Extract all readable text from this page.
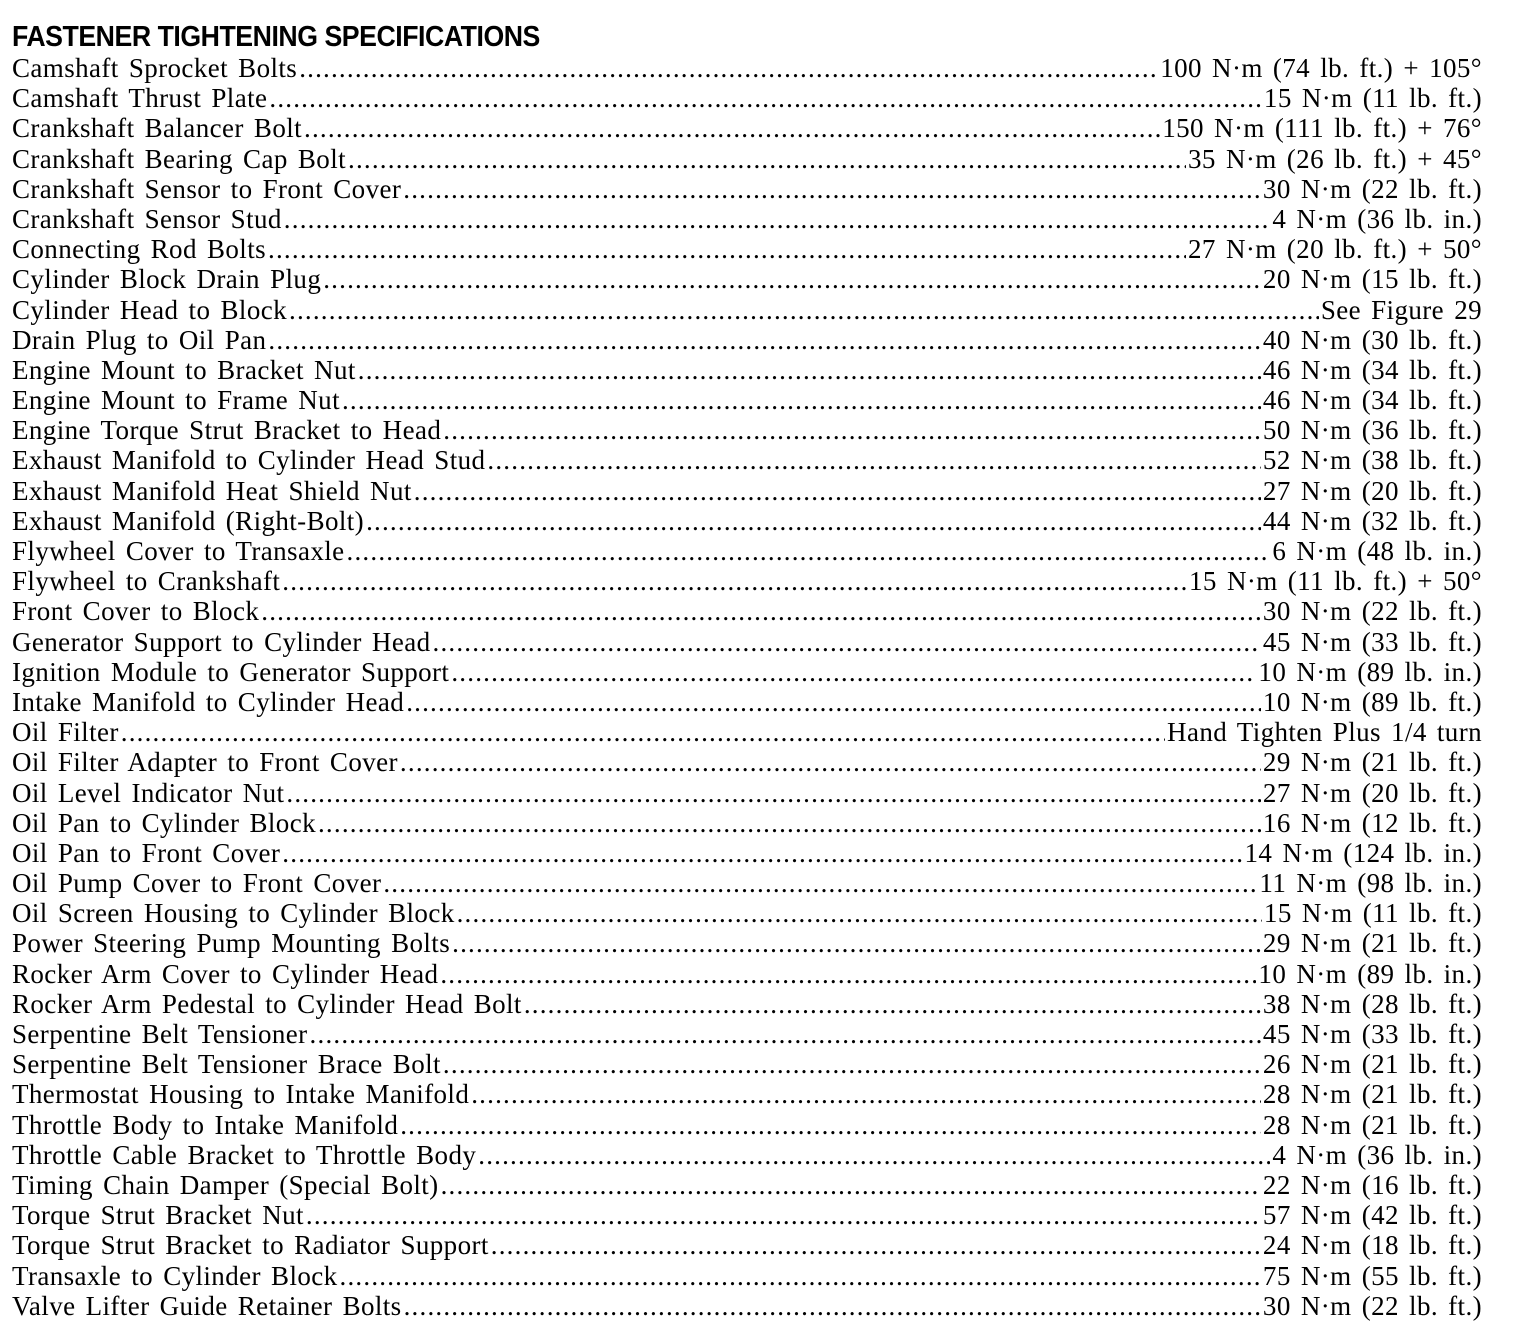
FASTENER TIGHTENING SPECIFICATIONS
Camshaft Sprocket Bolts .....	100 N·m (74 lb. ft.) + 105°
Camshaft Thrust Plate .....	15 N·m (11 lb. ft.)
Crankshaft Balancer Bolt .....	150 N·m (111 lb. ft.) + 76°
Crankshaft Bearing Cap Bolt .....	35 N·m (26 lb. ft.) + 45°
Crankshaft Sensor to Front Cover .....	30 N·m (22 lb. ft.)
Crankshaft Sensor Stud .....	4 N·m (36 lb. in.)
Connecting Rod Bolts .....	27 N·m (20 lb. ft.) + 50°
Cylinder Block Drain Plug .....	20 N·m (15 lb. ft.)
Cylinder Head to Block .....	See Figure 29
Drain Plug to Oil Pan .....	40 N·m (30 lb. ft.)
Engine Mount to Bracket Nut .....	46 N·m (34 lb. ft.)
Engine Mount to Frame Nut .....	46 N·m (34 lb. ft.)
Engine Torque Strut Bracket to Head .....	50 N·m (36 lb. ft.)
Exhaust Manifold to Cylinder Head Stud .....	52 N·m (38 lb. ft.)
Exhaust Manifold Heat Shield Nut .....	27 N·m (20 lb. ft.)
Exhaust Manifold (Right-Bolt) .....	44 N·m (32 lb. ft.)
Flywheel Cover to Transaxle .....	6 N·m (48 lb. in.)
Flywheel to Crankshaft .....	15 N·m (11 lb. ft.) + 50°
Front Cover to Block .....	30 N·m (22 lb. ft.)
Generator Support to Cylinder Head .....	45 N·m (33 lb. ft.)
Ignition Module to Generator Support .....	10 N·m (89 lb. in.)
Intake Manifold to Cylinder Head .....	10 N·m (89 lb. ft.)
Oil Filter .....	Hand Tighten Plus 1/4 turn
Oil Filter Adapter to Front Cover .....	29 N·m (21 lb. ft.)
Oil Level Indicator Nut .....	27 N·m (20 lb. ft.)
Oil Pan to Cylinder Block .....	16 N·m (12 lb. ft.)
Oil Pan to Front Cover .....	14 N·m (124 lb. in.)
Oil Pump Cover to Front Cover .....	11 N·m (98 lb. in.)
Oil Screen Housing to Cylinder Block .....	15 N·m (11 lb. ft.)
Power Steering Pump Mounting Bolts .....	29 N·m (21 lb. ft.)
Rocker Arm Cover to Cylinder Head .....	10 N·m (89 lb. in.)
Rocker Arm Pedestal to Cylinder Head Bolt .....	38 N·m (28 lb. ft.)
Serpentine Belt Tensioner .....	45 N·m (33 lb. ft.)
Serpentine Belt Tensioner Brace Bolt .....	26 N·m (21 lb. ft.)
Thermostat Housing to Intake Manifold .....	28 N·m (21 lb. ft.)
Throttle Body to Intake Manifold .....	28 N·m (21 lb. ft.)
Throttle Cable Bracket to Throttle Body .....	4 N·m (36 lb. in.)
Timing Chain Damper (Special Bolt) .....	22 N·m (16 lb. ft.)
Torque Strut Bracket Nut .....	57 N·m (42 lb. ft.)
Torque Strut Bracket to Radiator Support .....	24 N·m (18 lb. ft.)
Transaxle to Cylinder Block .....	75 N·m (55 lb. ft.)
Valve Lifter Guide Retainer Bolts .....	30 N·m (22 lb. ft.)
